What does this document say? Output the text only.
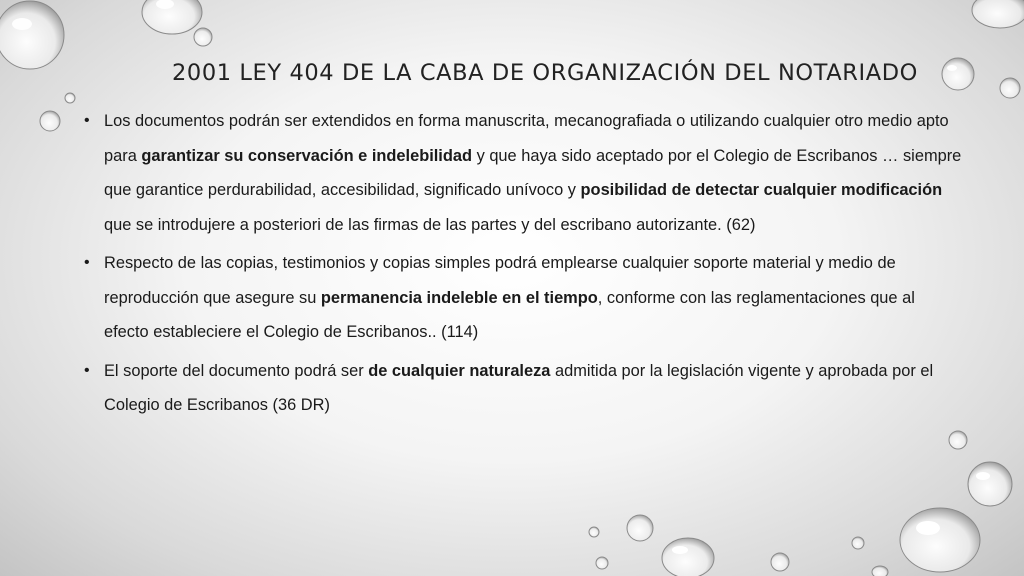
2001 LEY 404 DE LA CABA DE ORGANIZACIÓN DEL NOTARIADO
• Los documentos podrán ser extendidos en forma manuscrita, mecanografiada o utilizando cualquier otro medio apto para garantizar su conservación e indelebilidad y que haya sido aceptado por el Colegio de Escribanos … siempre que garantice perdurabilidad, accesibilidad, significado unívoco y posibilidad de detectar cualquier modificación que se introdujere a posteriori de las firmas de las partes y del escribano autorizante. (62)
• Respecto de las copias, testimonios y copias simples podrá emplearse cualquier soporte material y medio de reproducción que asegure su permanencia indeleble en el tiempo, conforme con las reglamentaciones que al efecto estableciere el Colegio de Escribanos.. (114)
• El soporte del documento podrá ser de cualquier naturaleza admitida por la legislación vigente y aprobada por el Colegio de Escribanos (36 DR)
